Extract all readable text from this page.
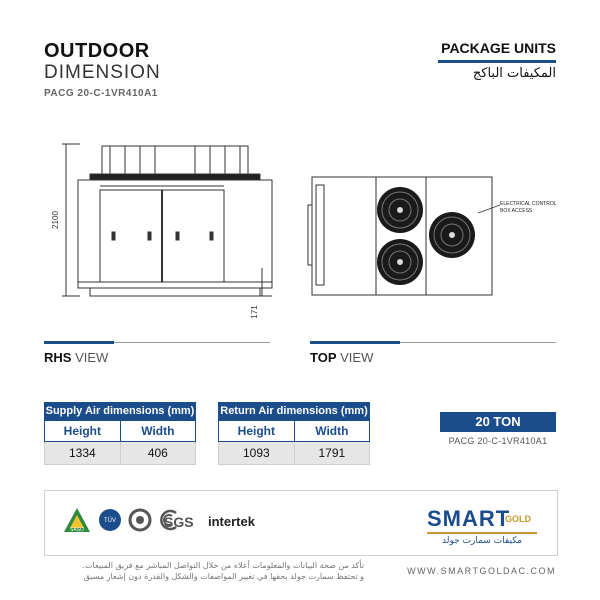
OUTDOOR
DIMENSION
PACG 20-C-1VR410A1
PACKAGE UNITS
المكيفات الباكج
2100
171
ELECTRICAL CONTROL
BOX ACCESS
RHS VIEW	TOP VIEW
Supply Air dimensions (mm)
Height	Width
1334	406
Return Air dimensions (mm)
Height	Width
1093	1791
20 TON
PACG 20-C-1VR410A1
SASO
TÜV	SGS intertek	SMART
GOLD
مكيفات سمارت جولد
تأكد من صحة البيانات والمعلومات أعلاه من خلال التواصل المباشر مع فريق المبيعات.
و تحتفظ سمارت جولد بحقها في تغيير المواصفات والشكل والقدرة دون إشعار مسبق
WWW.SMARTGOLDAC.COM
